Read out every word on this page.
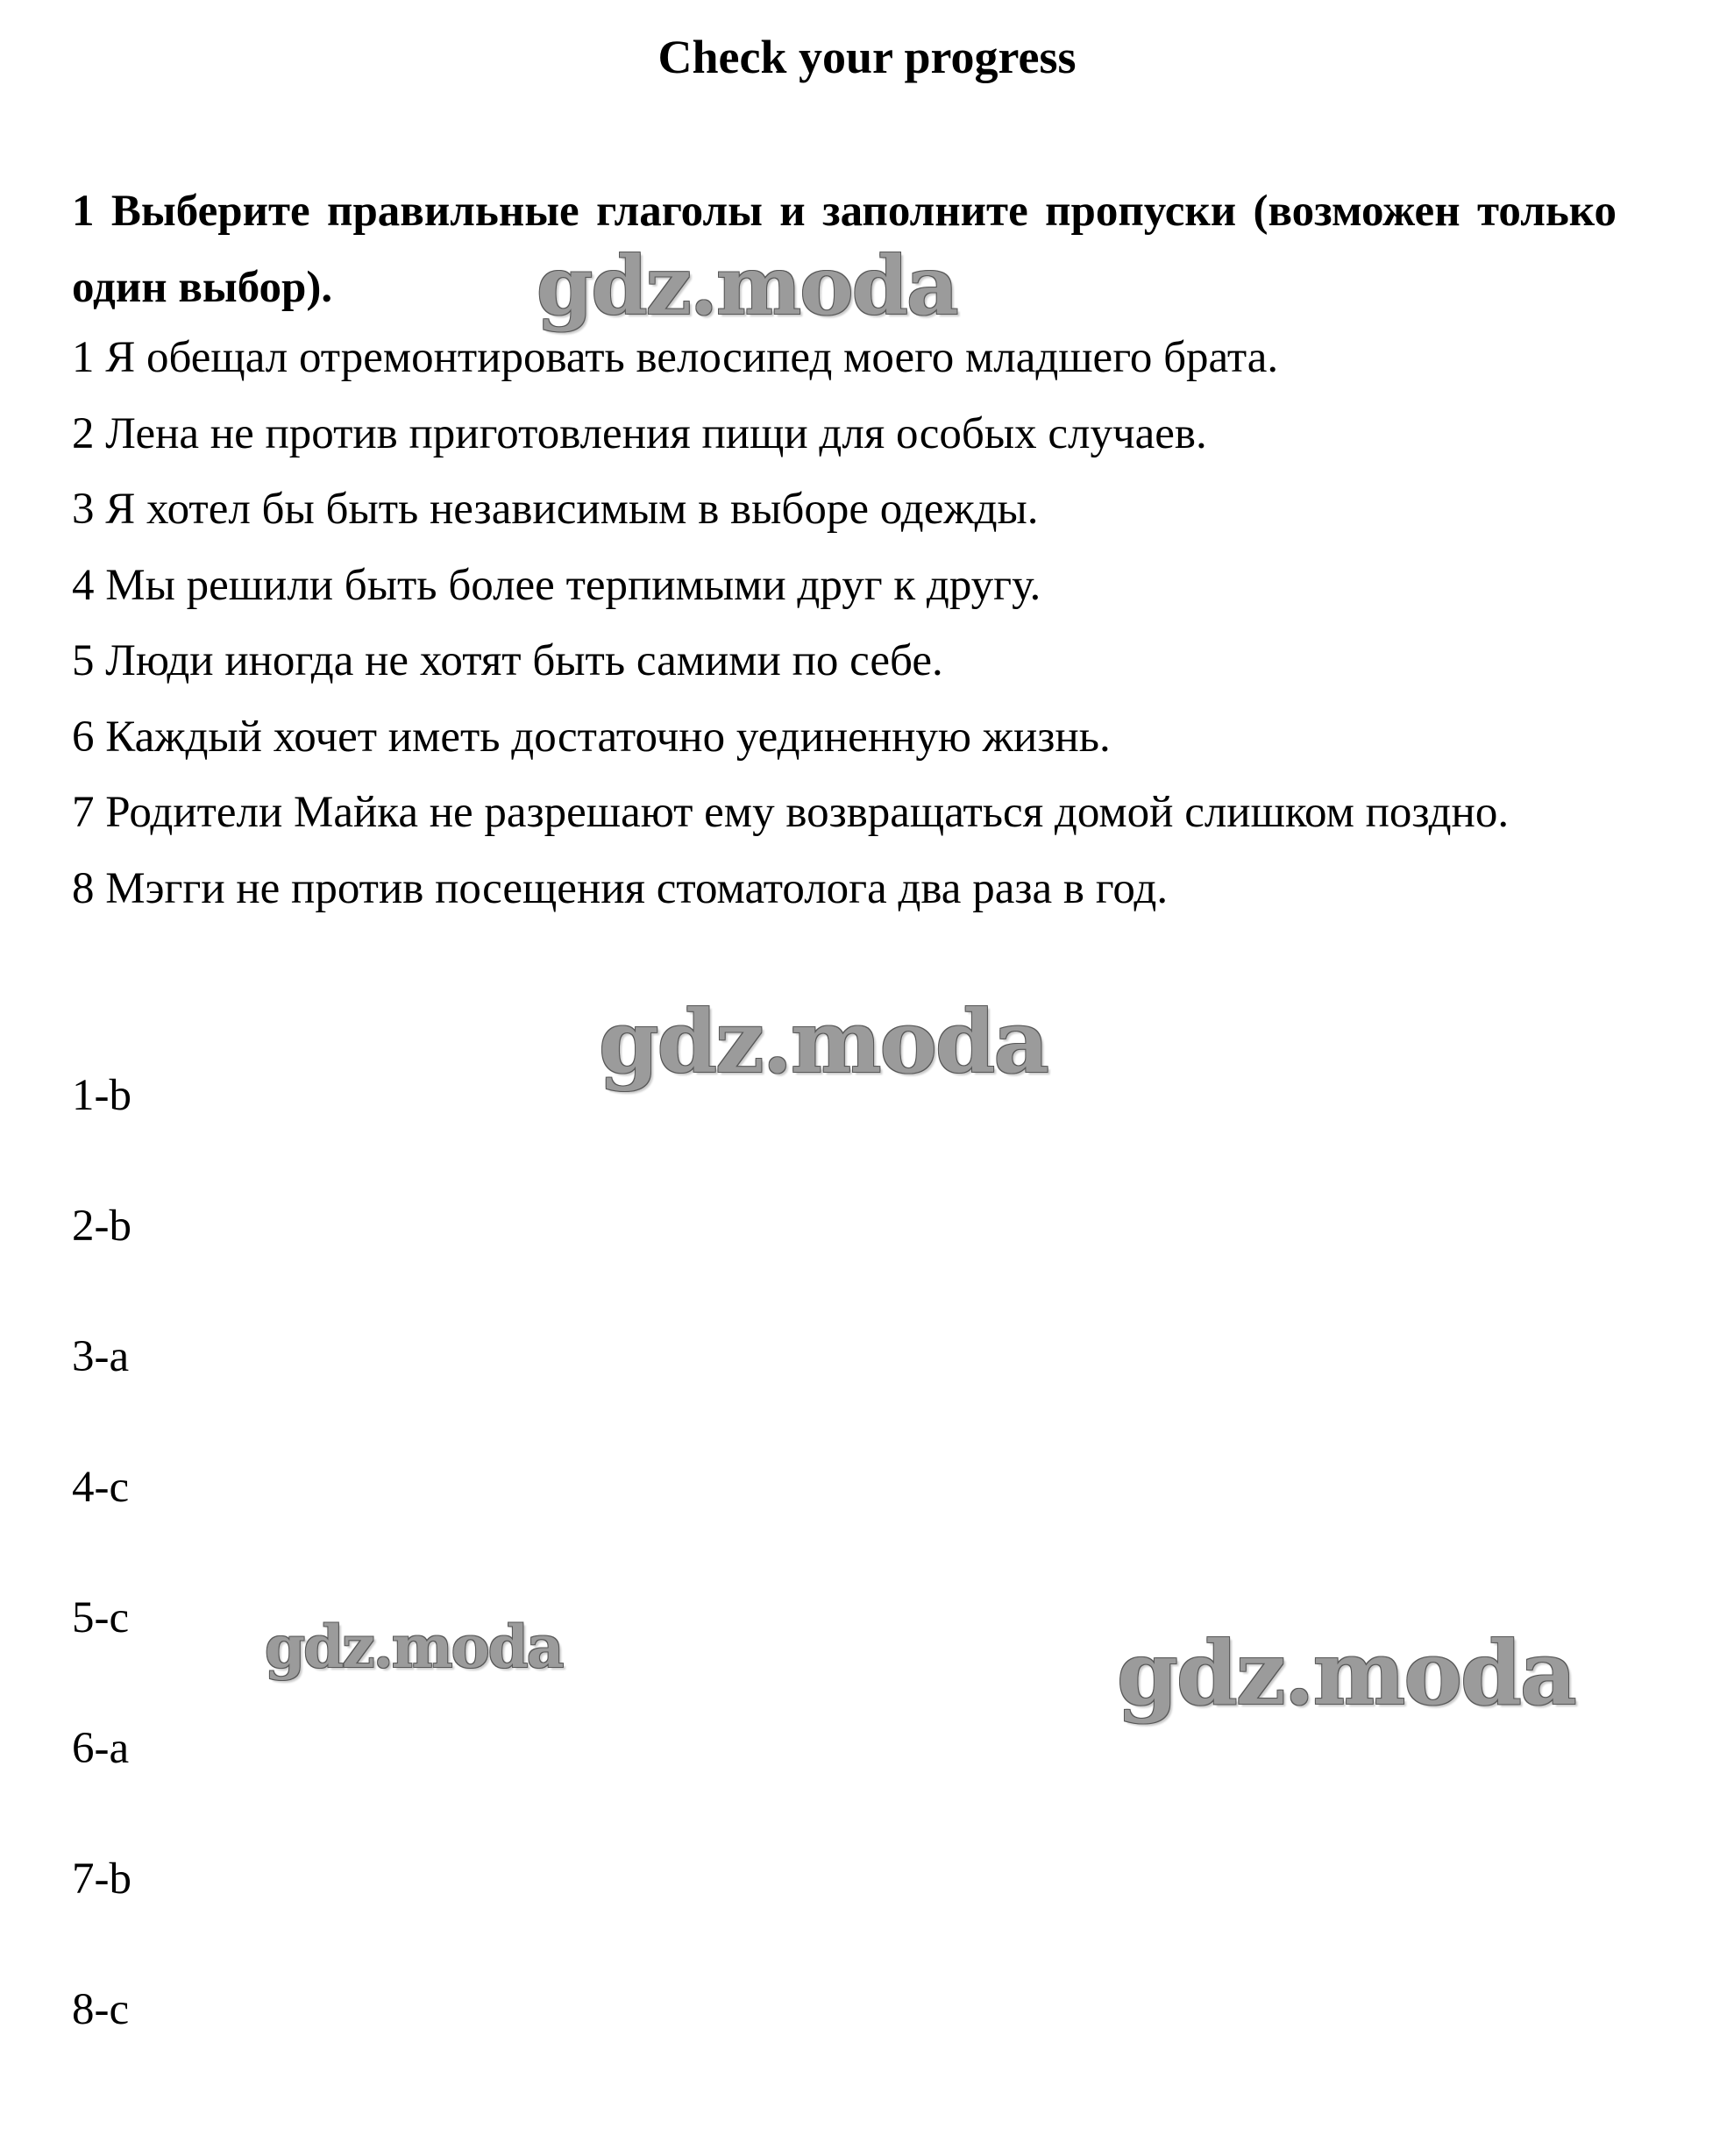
Check your progress
1 Выберите правильные глаголы и заполните пропуски (возможен только один выбор).
1 Я обещал отремонтировать велосипед моего младшего брата.
2 Лена не против приготовления пищи для особых случаев.
3 Я хотел бы быть независимым в выборе одежды.
4 Мы решили быть более терпимыми друг к другу.
5 Люди иногда не хотят быть самими по себе.
6 Каждый хочет иметь достаточно уединенную жизнь.
7 Родители Майка не разрешают ему возвращаться домой слишком поздно.
8 Мэгги не против посещения стоматолога два раза в год.
1-b
2-b
3-a
4-c
5-c
6-a
7-b
8-c
gdz.moda
gdz.moda
gdz.moda	gdz.moda
